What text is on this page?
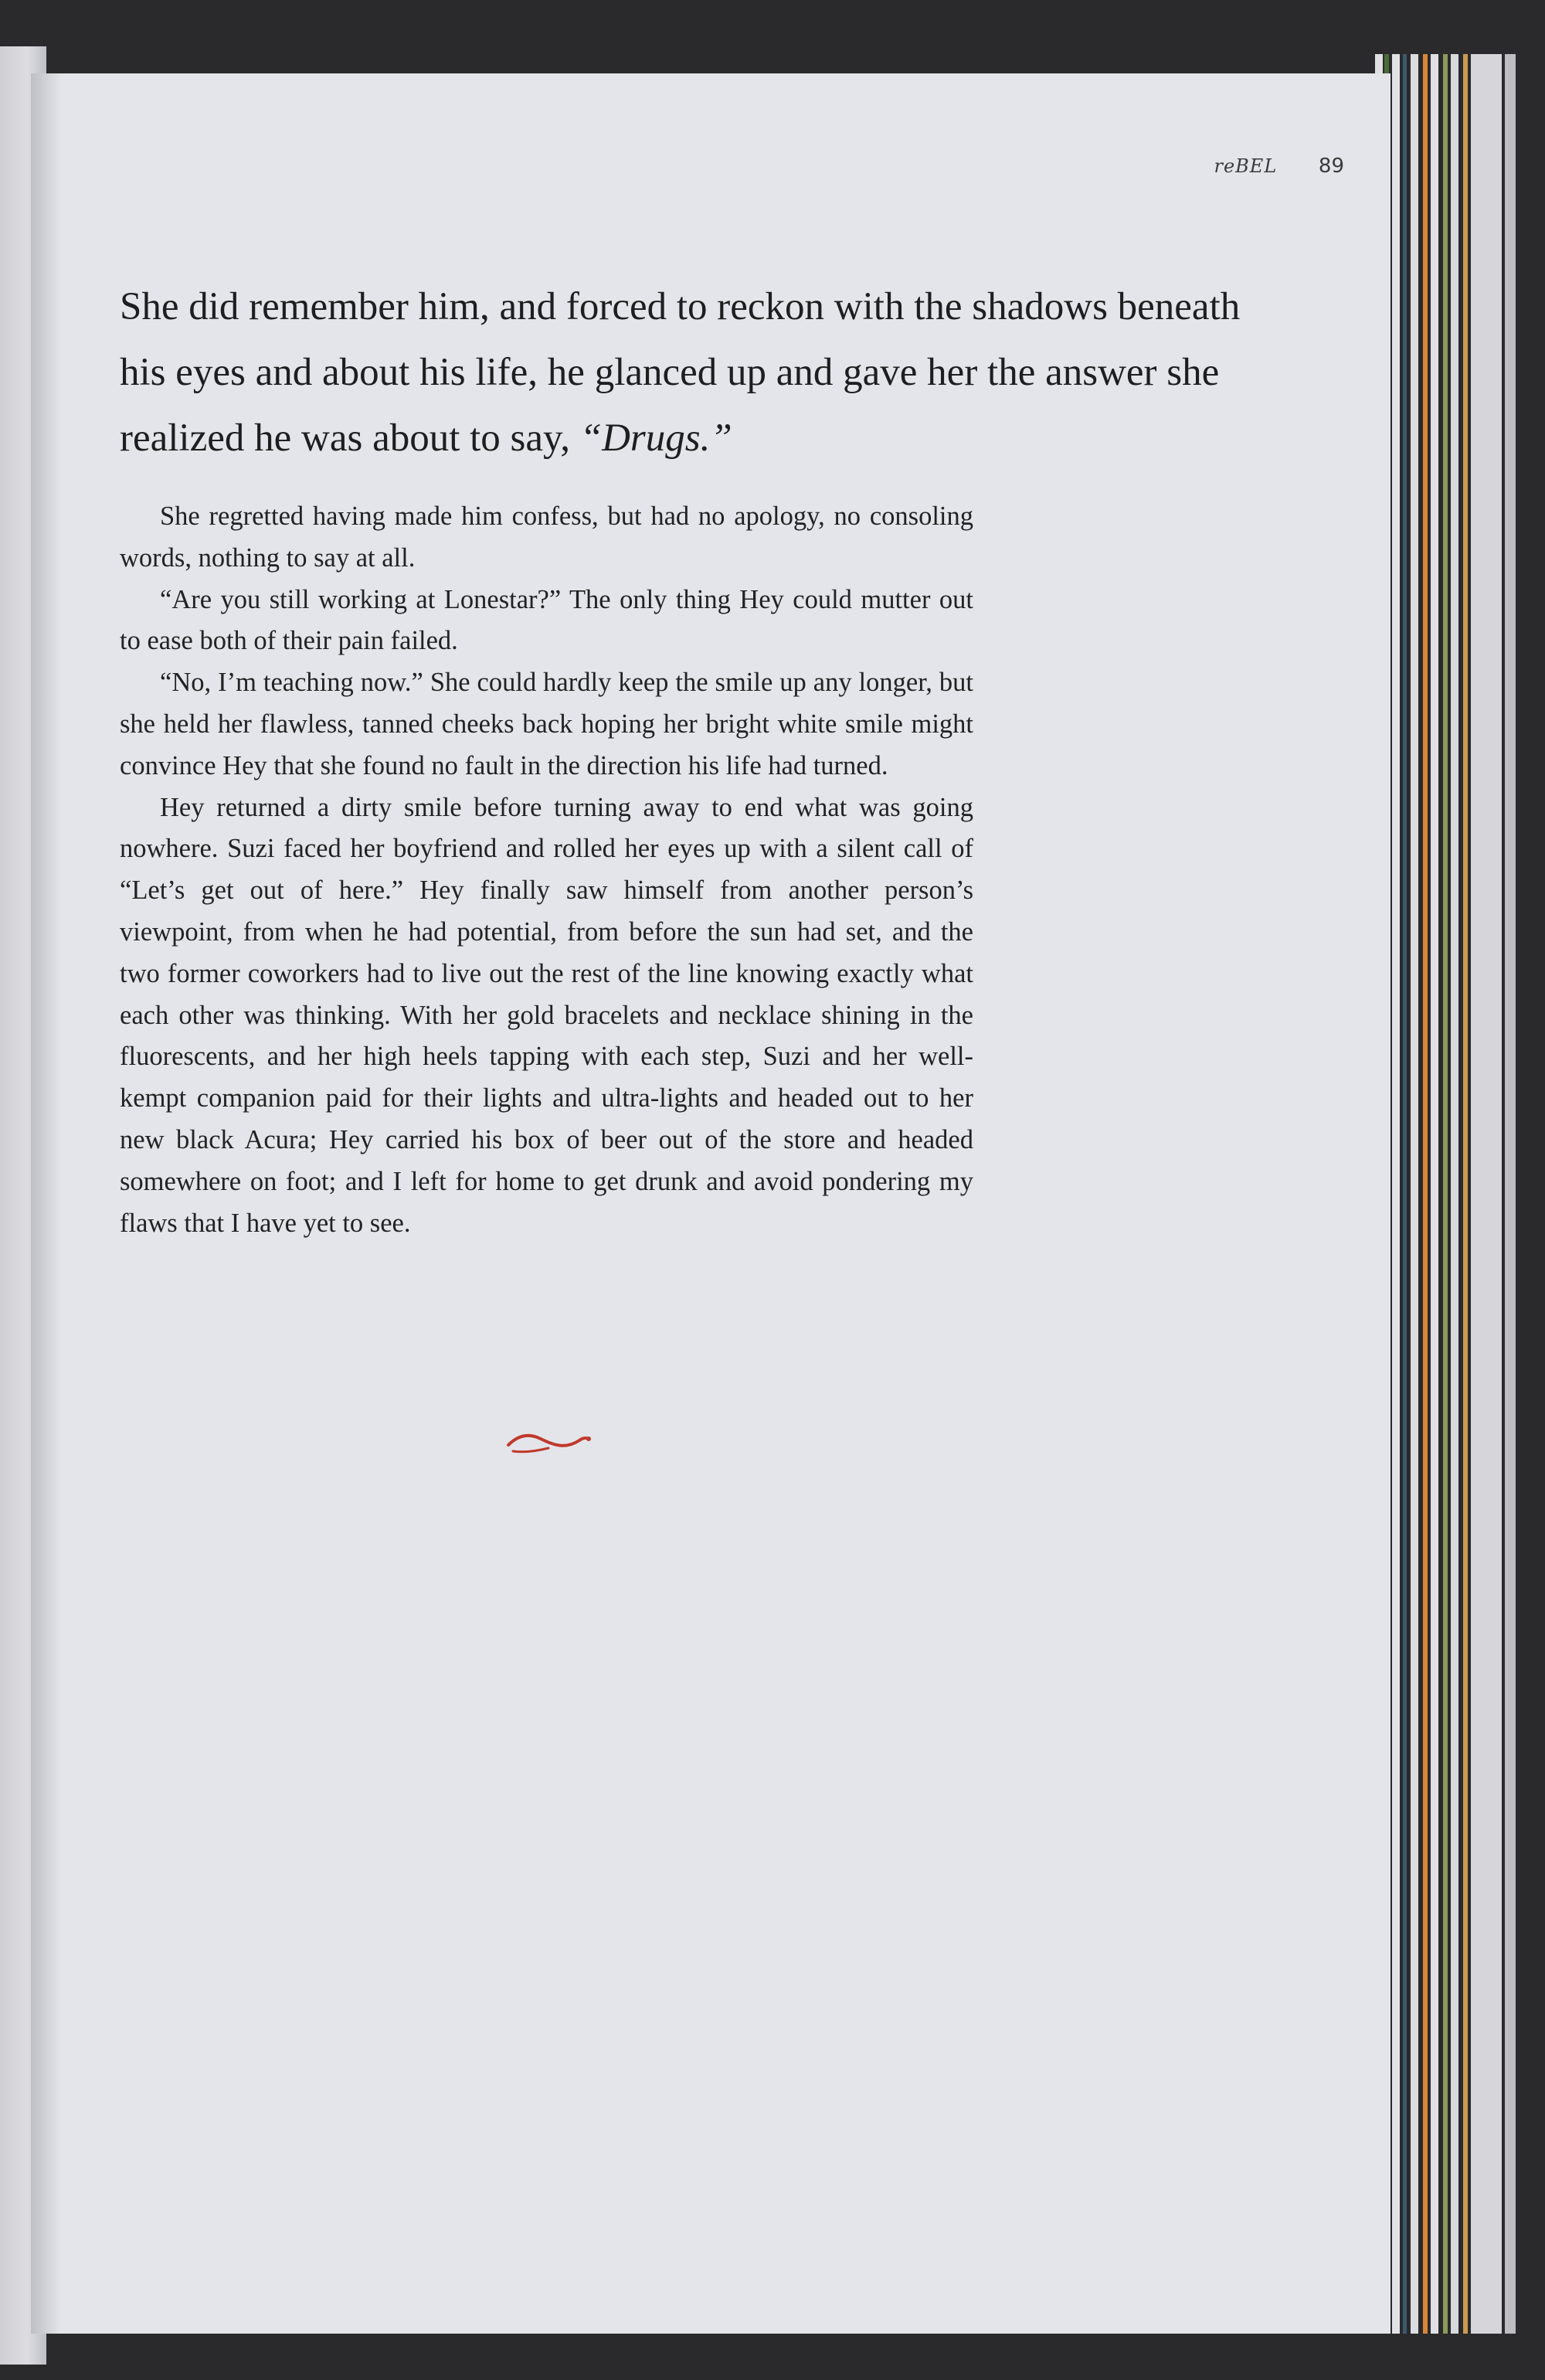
reBEL 89

She did remember him, and forced to reckon with the shadows beneath his eyes and about his life, he glanced up and gave her the answer she realized he was about to say, “Drugs.”

She regretted having made him confess, but had no apology, no consoling words, nothing to say at all.

“Are you still working at Lonestar?” The only thing Hey could mutter out to ease both of their pain failed.

“No, I’m teaching now.” She could hardly keep the smile up any longer, but she held her flawless, tanned cheeks back hoping her bright white smile might convince Hey that she found no fault in the direction his life had turned.

Hey returned a dirty smile before turning away to end what was going nowhere. Suzi faced her boyfriend and rolled her eyes up with a silent call of “Let’s get out of here.” Hey finally saw himself from another person’s viewpoint, from when he had potential, from before the sun had set, and the two former coworkers had to live out the rest of the line knowing exactly what each other was thinking. With her gold bracelets and necklace shining in the fluorescents, and her high heels tapping with each step, Suzi and her well-kempt companion paid for their lights and ultra-lights and headed out to her new black Acura; Hey carried his box of beer out of the store and headed somewhere on foot; and I left for home to get drunk and avoid pondering my flaws that I have yet to see.
